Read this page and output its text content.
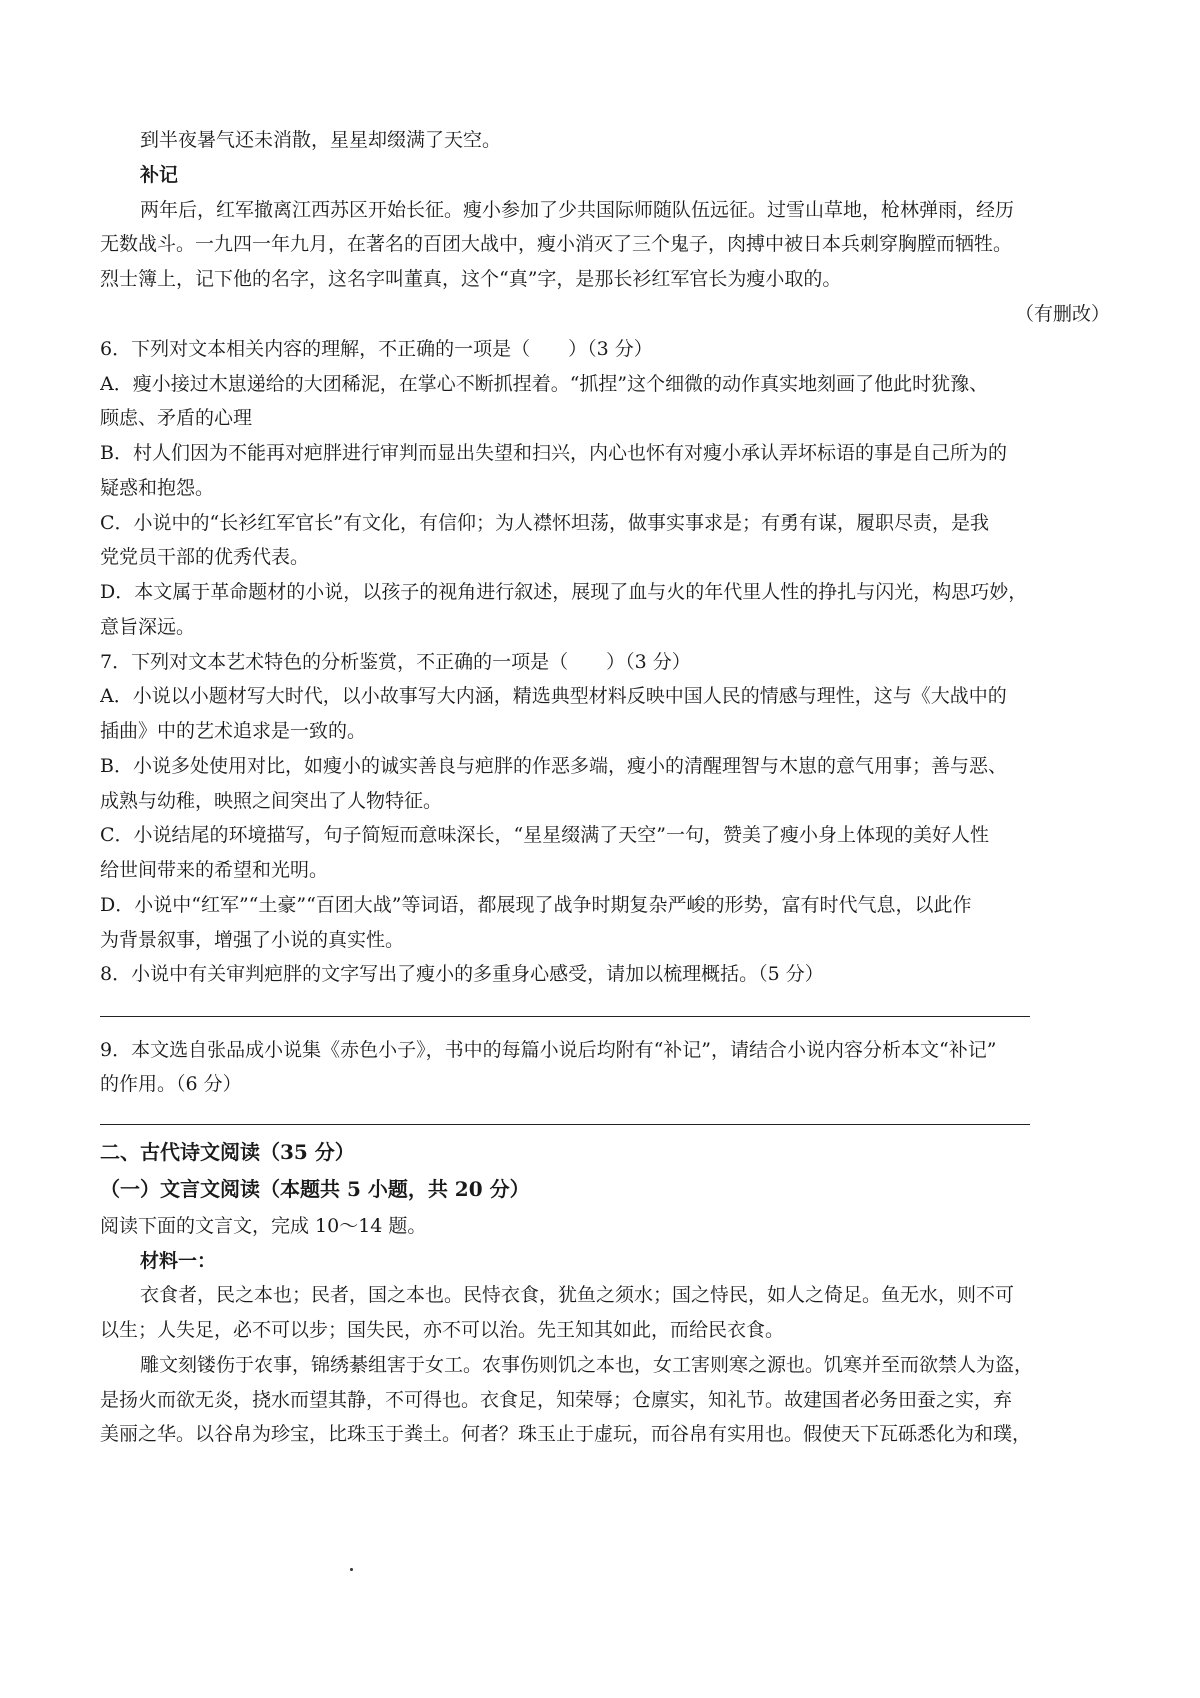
到半夜暑气还未消散，星星却缀满了天空。
补记
两年后，红军撤离江西苏区开始长征。瘦小参加了少共国际师随队伍远征。过雪山草地，枪林弹雨，经历
无数战斗。一九四一年九月，在著名的百团大战中，瘦小消灭了三个鬼子，肉搏中被日本兵刺穿胸膛而牺牲。
烈士簿上，记下他的名字，这名字叫董真，这个“真”字，是那长衫红军官长为瘦小取的。
（有删改）
6．下列对文本相关内容的理解，不正确的一项是（　　）（3 分）
A．瘦小接过木崽递给的大团稀泥，在掌心不断抓捏着。“抓捏”这个细微的动作真实地刻画了他此时犹豫、
顾虑、矛盾的心理
B．村人们因为不能再对疤胖进行审判而显出失望和扫兴，内心也怀有对瘦小承认弄坏标语的事是自己所为的
疑惑和抱怨。
C．小说中的“长衫红军官长”有文化，有信仰；为人襟怀坦荡，做事实事求是；有勇有谋，履职尽责，是我
党党员干部的优秀代表。
D．本文属于革命题材的小说，以孩子的视角进行叙述，展现了血与火的年代里人性的挣扎与闪光，构思巧妙，
意旨深远。
7．下列对文本艺术特色的分析鉴赏，不正确的一项是（　　）（3 分）
A．小说以小题材写大时代，以小故事写大内涵，精选典型材料反映中国人民的情感与理性，这与《大战中的
插曲》中的艺术追求是一致的。
B．小说多处使用对比，如瘦小的诚实善良与疤胖的作恶多端，瘦小的清醒理智与木崽的意气用事；善与恶、
成熟与幼稚，映照之间突出了人物特征。
C．小说结尾的环境描写，句子简短而意味深长，“星星缀满了天空”一句，赞美了瘦小身上体现的美好人性
给世间带来的希望和光明。
D．小说中“红军”“土豪”“百团大战”等词语，都展现了战争时期复杂严峻的形势，富有时代气息，以此作
为背景叙事，增强了小说的真实性。
8．小说中有关审判疤胖的文字写出了瘦小的多重身心感受，请加以梳理概括。（5 分）
9．本文选自张品成小说集《赤色小子》，书中的每篇小说后均附有“补记”，请结合小说内容分析本文“补记”
的作用。（6 分）
二、古代诗文阅读（35 分）
（一）文言文阅读（本题共 5 小题，共 20 分）
阅读下面的文言文，完成 10～14 题。
材料一：
衣食者，民之本也；民者，国之本也。民恃衣食，犹鱼之须水；国之恃民，如人之倚足。鱼无水，则不可
以生；人失足，必不可以步；国失民，亦不可以治。先王知其如此，而给民衣食。
雕文刻镂伤于农事，锦绣綦组害于女工。农事伤则饥之本也，女工害则寒之源也。饥寒并至而欲禁人为盗，
是扬火而欲无炎，挠水而望其静，不可得也。衣食足，知荣辱；仓廪实，知礼节。故建国者必务田蚕之实，弃
美丽之华。以谷帛为珍宝，比珠玉于粪土。何者？珠玉止于虚玩，而谷帛有实用也。假使天下瓦砾悉化为和璞，
